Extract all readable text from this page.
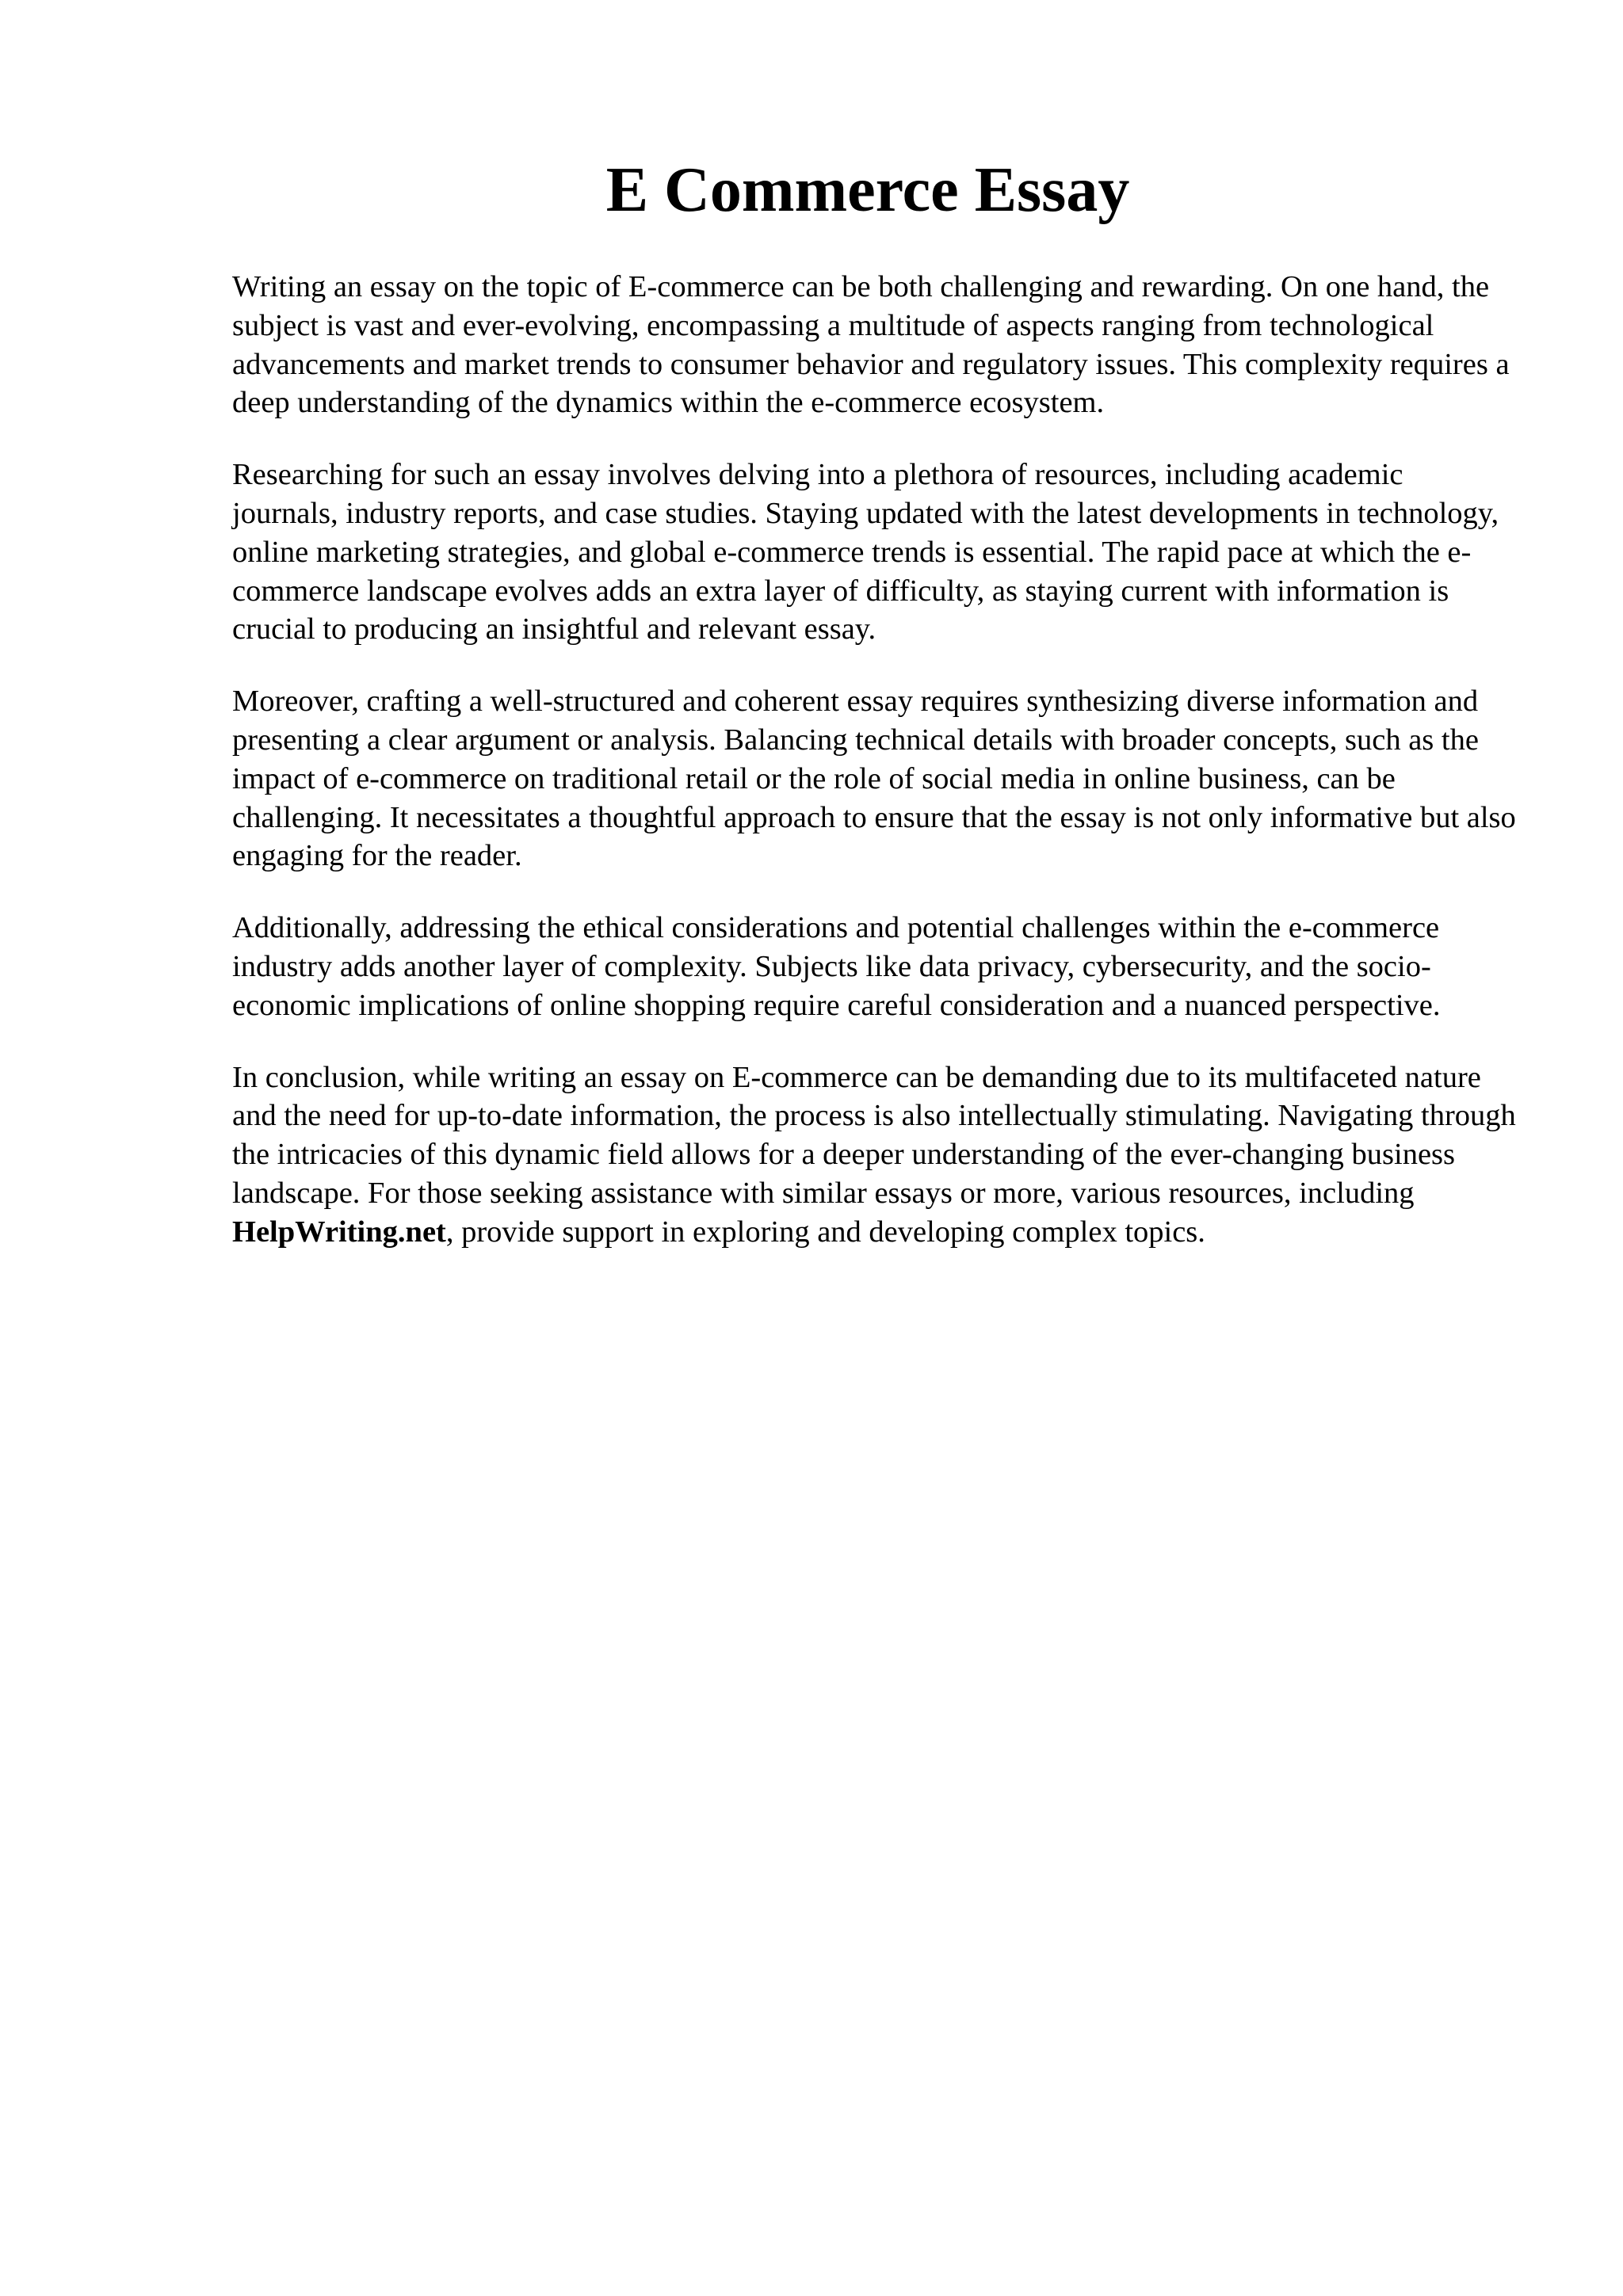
E Commerce Essay

Writing an essay on the topic of E-commerce can be both challenging and rewarding. On one hand, the subject is vast and ever-evolving, encompassing a multitude of aspects ranging from technological advancements and market trends to consumer behavior and regulatory issues. This complexity requires a deep understanding of the dynamics within the e-commerce ecosystem.

Researching for such an essay involves delving into a plethora of resources, including academic journals, industry reports, and case studies. Staying updated with the latest developments in technology, online marketing strategies, and global e-commerce trends is essential. The rapid pace at which the e-commerce landscape evolves adds an extra layer of difficulty, as staying current with information is crucial to producing an insightful and relevant essay.

Moreover, crafting a well-structured and coherent essay requires synthesizing diverse information and presenting a clear argument or analysis. Balancing technical details with broader concepts, such as the impact of e-commerce on traditional retail or the role of social media in online business, can be challenging. It necessitates a thoughtful approach to ensure that the essay is not only informative but also engaging for the reader.

Additionally, addressing the ethical considerations and potential challenges within the e-commerce industry adds another layer of complexity. Subjects like data privacy, cybersecurity, and the socio-economic implications of online shopping require careful consideration and a nuanced perspective.

In conclusion, while writing an essay on E-commerce can be demanding due to its multifaceted nature and the need for up-to-date information, the process is also intellectually stimulating. Navigating through the intricacies of this dynamic field allows for a deeper understanding of the ever-changing business landscape. For those seeking assistance with similar essays or more, various resources, including HelpWriting.net, provide support in exploring and developing complex topics.
